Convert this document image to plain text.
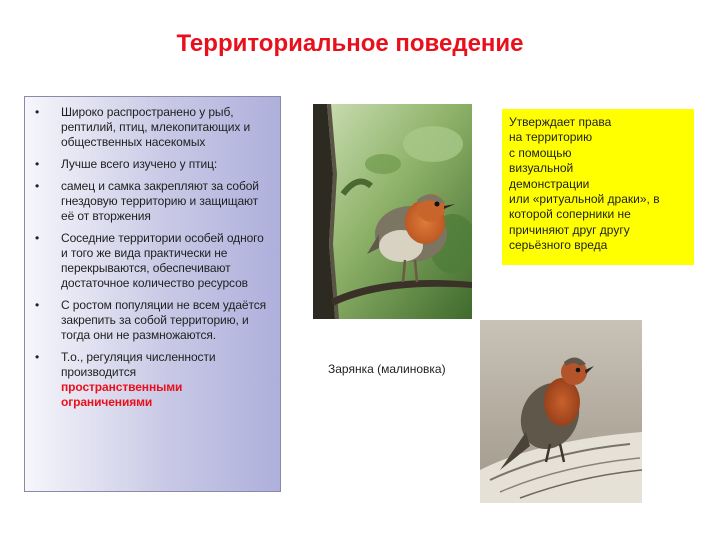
Территориальное поведение
• Широко распространено у рыб, рептилий, птиц, млекопитающих и общественных насекомых
• Лучше всего изучено у птиц:
• самец и самка закрепляют за собой гнездовую территорию и защищают её от вторжения
• Соседние территории особей одного и того же вида практически не перекрываются, обеспечивают достаточное количество ресурсов
• С ростом популяции не всем удаётся закрепить за собой территорию, и тогда они не размножаются.
• Т.о., регуляция численности производится
пространственными ограничениями
Зарянка (малиновка)
Утверждает права
на территорию
с помощью
визуальной
демонстрации
или «ритуальной драки», в
которой соперники не
причиняют друг другу
серьёзного вреда
